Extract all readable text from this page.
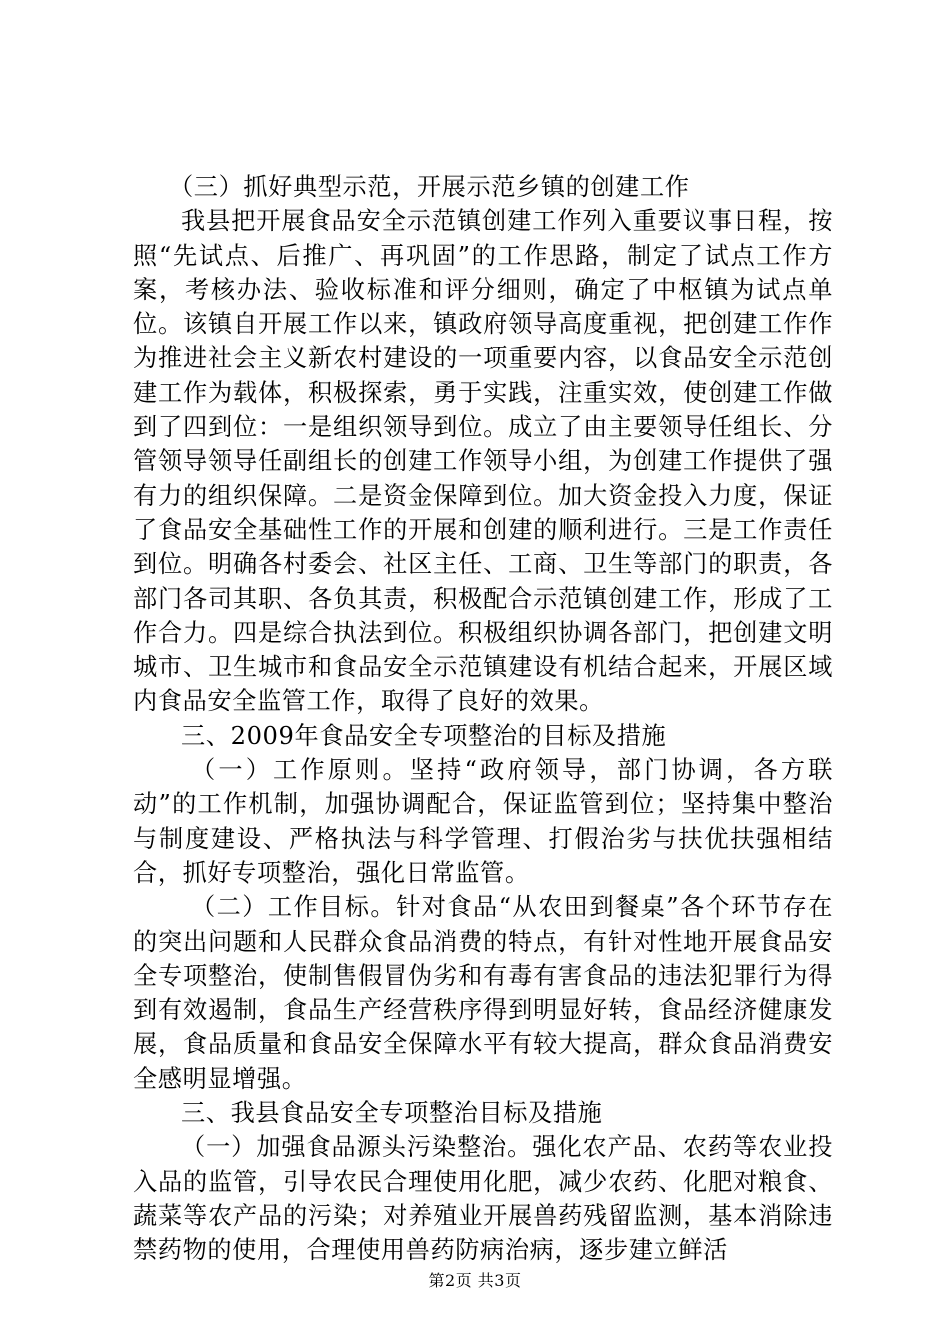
（三）抓好典型示范，开展示范乡镇的创建工作

我县把开展食品安全示范镇创建工作列入重要议事日程，按照“先试点、后推广、再巩固”的工作思路，制定了试点工作方案，考核办法、验收标准和评分细则，确定了中枢镇为试点单位。该镇自开展工作以来，镇政府领导高度重视，把创建工作作为推进社会主义新农村建设的一项重要内容，以食品安全示范创建工作为载体，积极探索，勇于实践，注重实效，使创建工作做到了四到位：一是组织领导到位。成立了由主要领导任组长、分管领导领导任副组长的创建工作领导小组，为创建工作提供了强有力的组织保障。二是资金保障到位。加大资金投入力度，保证了食品安全基础性工作的开展和创建的顺利进行。三是工作责任到位。明确各村委会、社区主任、工商、卫生等部门的职责，各部门各司其职、各负其责，积极配合示范镇创建工作，形成了工作合力。四是综合执法到位。积极组织协调各部门，把创建文明城市、卫生城市和食品安全示范镇建设有机结合起来，开展区域内食品安全监管工作，取得了良好的效果。

三、2009年食品安全专项整治的目标及措施

（一）工作原则。坚持“政府领导，部门协调，各方联动”的工作机制，加强协调配合，保证监管到位；坚持集中整治与制度建设、严格执法与科学管理、打假治劣与扶优扶强相结合，抓好专项整治，强化日常监管。

（二）工作目标。针对食品“从农田到餐桌”各个环节存在的突出问题和人民群众食品消费的特点，有针对性地开展食品安全专项整治，使制售假冒伪劣和有毒有害食品的违法犯罪行为得到有效遏制，食品生产经营秩序得到明显好转，食品经济健康发展，食品质量和食品安全保障水平有较大提高，群众食品消费安全感明显增强。

三、我县食品安全专项整治目标及措施

（一）加强食品源头污染整治。强化农产品、农药等农业投入品的监管，引导农民合理使用化肥，减少农药、化肥对粮食、蔬菜等农产品的污染；对养殖业开展兽药残留监测，基本消除违禁药物的使用，合理使用兽药防病治病，逐步建立鲜活

第2页 共3页
